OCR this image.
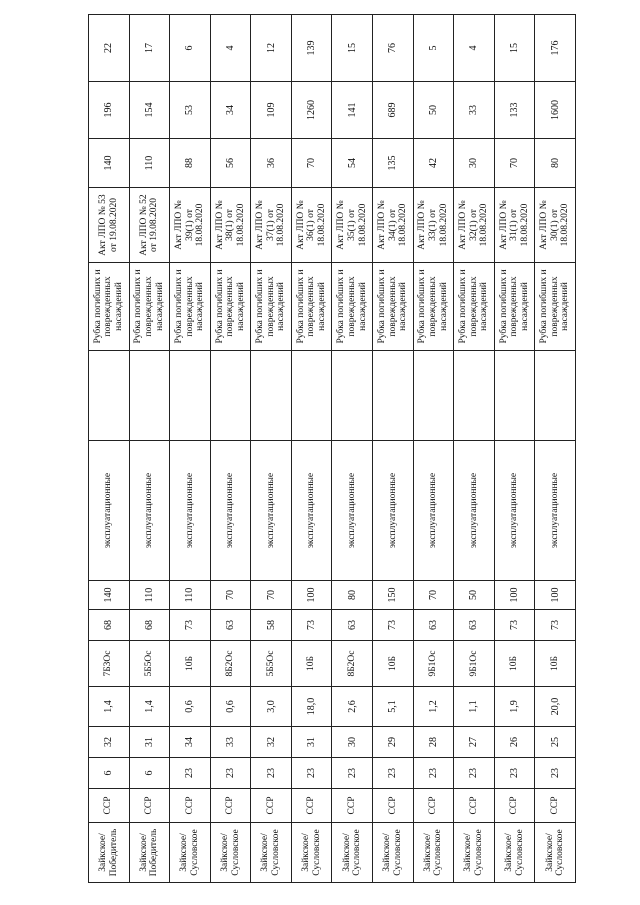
Зайкское/ Победитель	ССР	6	32	1,4	7Б3Ос	68	140	эксплуатационные		Рубка погибших и поврежденных насаждений	Акт ЛПО № 53 от 19.08.2020	140	196	22
Зайкское/ Победитель	ССР	6	31	1,4	5Б5Ос	68	110	эксплуатационные		Рубка погибших и поврежденных насаждений	Акт ЛПО № 52 от 19.08.2020	110	154	17
Зайкское/ Сусловское	ССР	23	34	0,6	10Б	73	110	эксплуатационные		Рубка погибших и поврежденных насаждений	Акт ЛПО № 39(1) от 18.08.2020	88	53	6
Зайкское/ Сусловское	ССР	23	33	0,6	8Б2Ос	63	70	эксплуатационные		Рубка погибших и поврежденных насаждений	Акт ЛПО № 38(1) от 18.08.2020	56	34	4
Зайкское/ Сусловское	ССР	23	32	3,0	5Б5Ос	58	70	эксплуатационные		Рубка погибших и поврежденных насаждений	Акт ЛПО № 37(1) от 18.08.2020	36	109	12
Зайкское/ Сусловское	ССР	23	31	18,0	10Б	73	100	эксплуатационные		Рубка погибших и поврежденных насаждений	Акт ЛПО № 36(1) от 18.08.2020	70	1260	139
Зайкское/ Сусловское	ССР	23	30	2,6	8Б2Ос	63	80	эксплуатационные		Рубка погибших и поврежденных насаждений	Акт ЛПО № 35(1) от 18.08.2020	54	141	15
Зайкское/ Сусловское	ССР	23	29	5,1	10Б	73	150	эксплуатационные		Рубка погибших и поврежденных насаждений	Акт ЛПО № 34(1) от 18.08.2020	135	689	76
Зайкское/ Сусловское	ССР	23	28	1,2	9Б1Ос	63	70	эксплуатационные		Рубка погибших и поврежденных насаждений	Акт ЛПО № 33(1) от 18.08.2020	42	50	5
Зайкское/ Сусловское	ССР	23	27	1,1	9Б1Ос	63	50	эксплуатационные		Рубка погибших и поврежденных насаждений	Акт ЛПО № 32(1) от 18.08.2020	30	33	4
Зайкское/ Сусловское	ССР	23	26	1,9	10Б	73	100	эксплуатационные		Рубка погибших и поврежденных насаждений	Акт ЛПО № 31(1) от 18.08.2020	70	133	15
Зайкское/ Сусловское	ССР	23	25	20,0	10Б	73	100	эксплуатационные		Рубка погибших и поврежденных насаждений	Акт ЛПО № 30(1) от 18.08.2020	80	1600	176
